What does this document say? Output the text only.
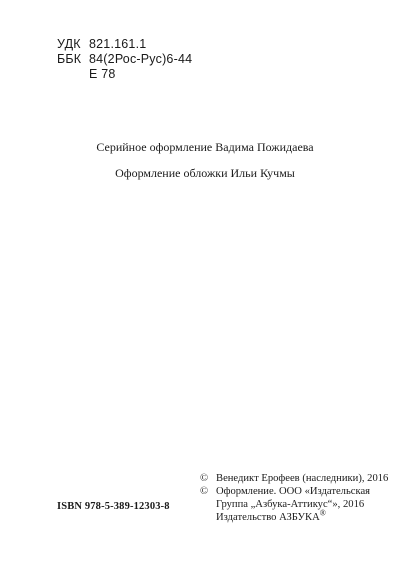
УДК 821.161.1
ББК 84(2Рос-Рус)6-44
Е 78
Серийное оформление Вадима Пожидаева
Оформление обложки Ильи Кучмы
ISBN 978-5-389-12303-8
© Венедикт Ерофеев (наследники), 2016
© Оформление. ООО «Издательская
Группа „Азбука-Аттикус“», 2016
Издательство АЗБУКА®
